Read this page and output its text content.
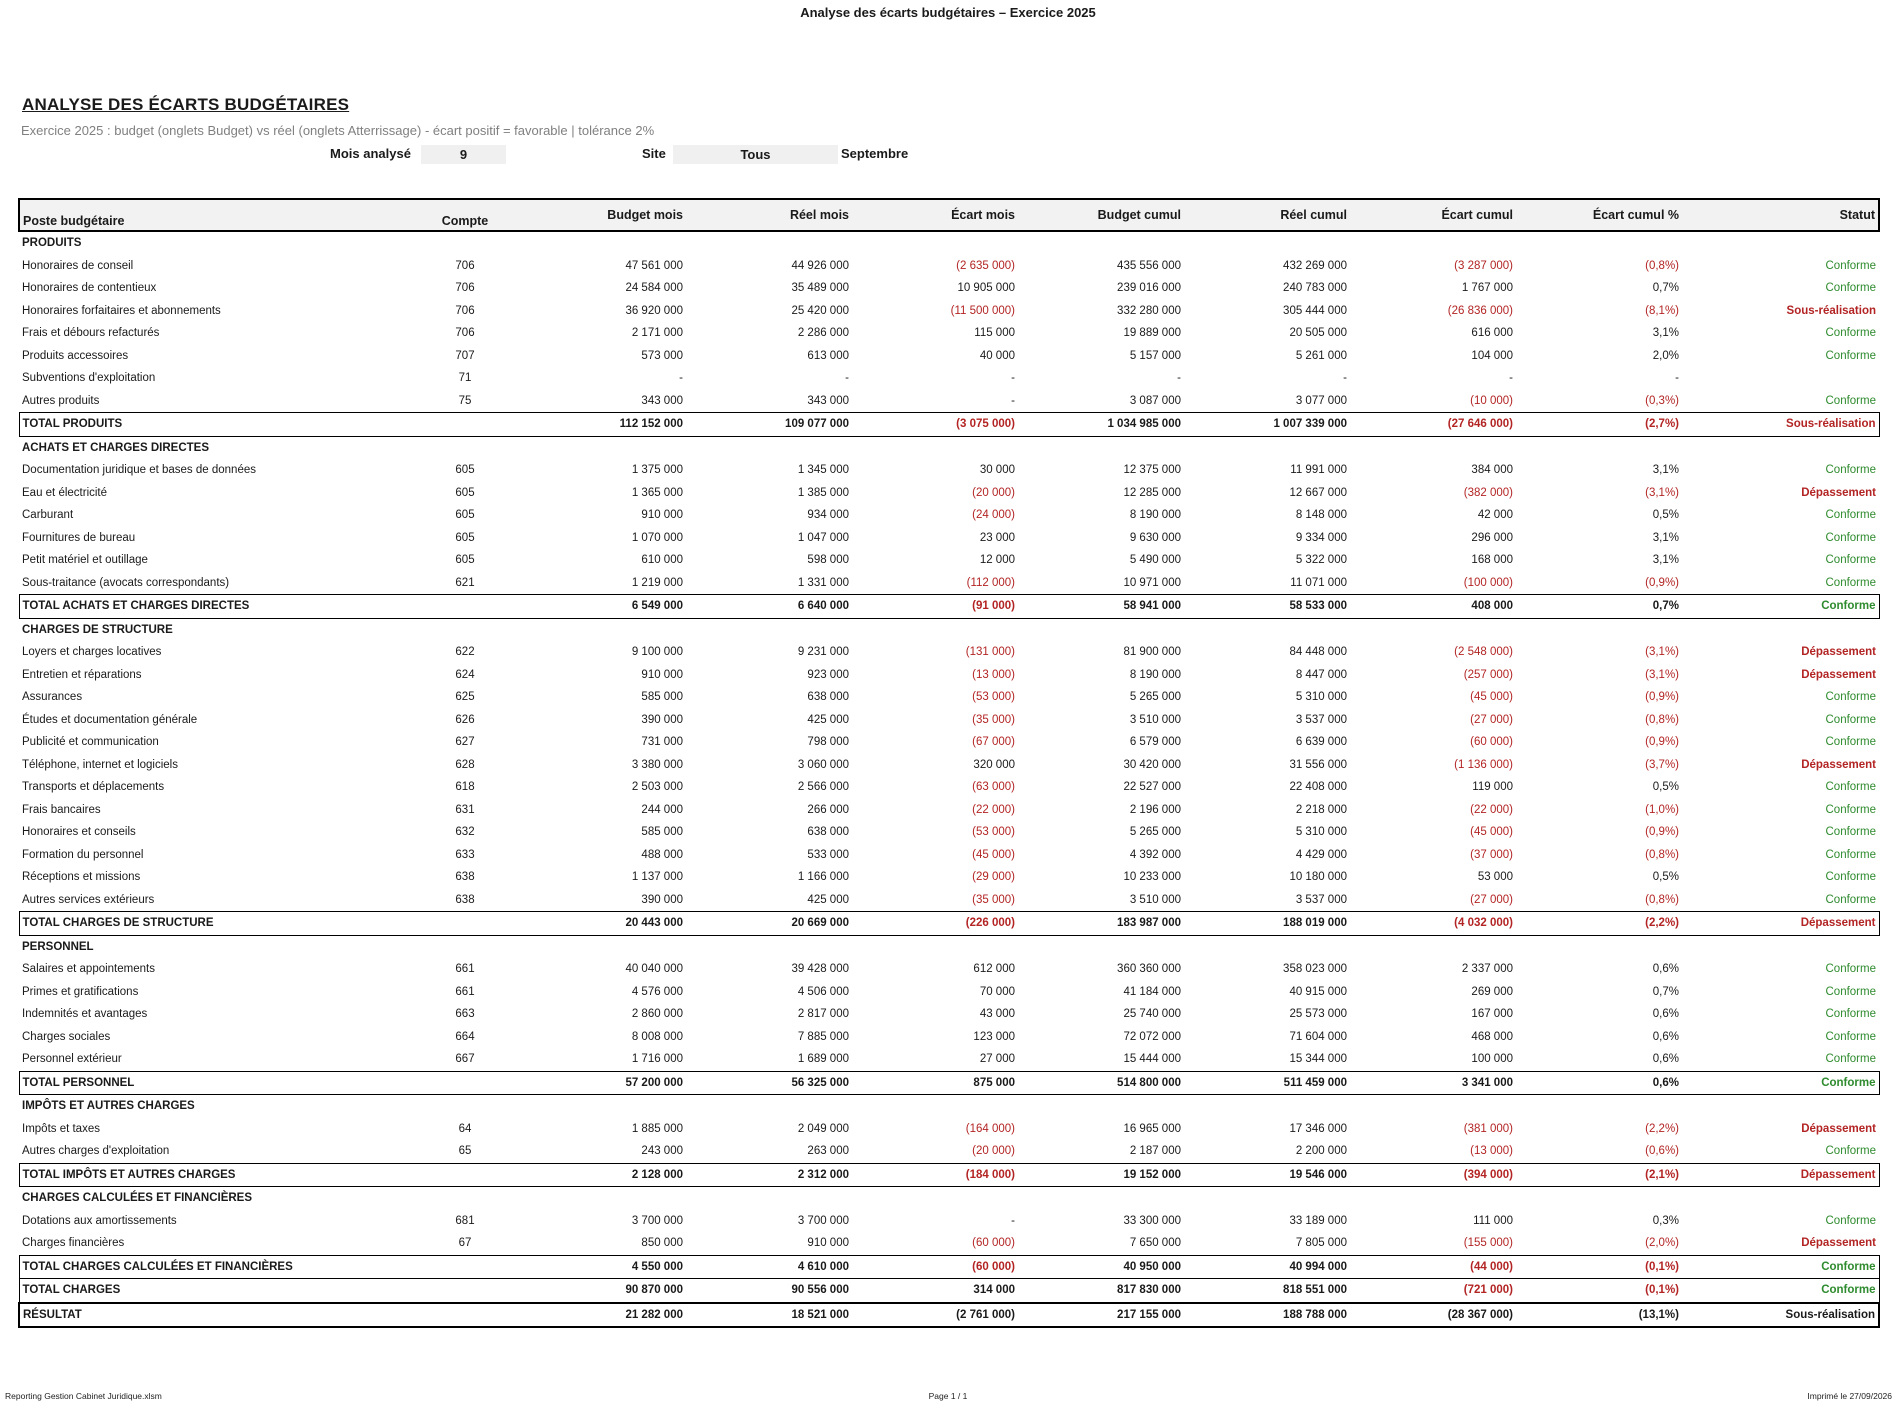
Analyse des écarts budgétaires – Exercice 2025
ANALYSE DES ÉCARTS BUDGÉTAIRES
Exercice 2025 : budget (onglets Budget) vs réel (onglets Atterrissage) - écart positif = favorable | tolérance 2%
Mois analysé	9	Site	Tous	Septembre
Poste budgétaire	Compte	Budget mois	Réel mois	Écart mois	Budget cumul	Réel cumul	Écart cumul	Écart cumul %	Statut
PRODUITS									
Honoraires de conseil	706	47 561 000	44 926 000	(2 635 000)	435 556 000	432 269 000	(3 287 000)	(0,8%)	Conforme
Honoraires de contentieux	706	24 584 000	35 489 000	10 905 000	239 016 000	240 783 000	1 767 000	0,7%	Conforme
Honoraires forfaitaires et abonnements	706	36 920 000	25 420 000	(11 500 000)	332 280 000	305 444 000	(26 836 000)	(8,1%)	Sous-réalisation
Frais et débours refacturés	706	2 171 000	2 286 000	115 000	19 889 000	20 505 000	616 000	3,1%	Conforme
Produits accessoires	707	573 000	613 000	40 000	5 157 000	5 261 000	104 000	2,0%	Conforme
Subventions d'exploitation	71	-	-	-	-	-	-	-	
Autres produits	75	343 000	343 000	-	3 087 000	3 077 000	(10 000)	(0,3%)	Conforme
TOTAL PRODUITS		112 152 000	109 077 000	(3 075 000)	1 034 985 000	1 007 339 000	(27 646 000)	(2,7%)	Sous-réalisation
ACHATS ET CHARGES DIRECTES									
Documentation juridique et bases de données	605	1 375 000	1 345 000	30 000	12 375 000	11 991 000	384 000	3,1%	Conforme
Eau et électricité	605	1 365 000	1 385 000	(20 000)	12 285 000	12 667 000	(382 000)	(3,1%)	Dépassement
Carburant	605	910 000	934 000	(24 000)	8 190 000	8 148 000	42 000	0,5%	Conforme
Fournitures de bureau	605	1 070 000	1 047 000	23 000	9 630 000	9 334 000	296 000	3,1%	Conforme
Petit matériel et outillage	605	610 000	598 000	12 000	5 490 000	5 322 000	168 000	3,1%	Conforme
Sous-traitance (avocats correspondants)	621	1 219 000	1 331 000	(112 000)	10 971 000	11 071 000	(100 000)	(0,9%)	Conforme
TOTAL ACHATS ET CHARGES DIRECTES		6 549 000	6 640 000	(91 000)	58 941 000	58 533 000	408 000	0,7%	Conforme
CHARGES DE STRUCTURE									
Loyers et charges locatives	622	9 100 000	9 231 000	(131 000)	81 900 000	84 448 000	(2 548 000)	(3,1%)	Dépassement
Entretien et réparations	624	910 000	923 000	(13 000)	8 190 000	8 447 000	(257 000)	(3,1%)	Dépassement
Assurances	625	585 000	638 000	(53 000)	5 265 000	5 310 000	(45 000)	(0,9%)	Conforme
Études et documentation générale	626	390 000	425 000	(35 000)	3 510 000	3 537 000	(27 000)	(0,8%)	Conforme
Publicité et communication	627	731 000	798 000	(67 000)	6 579 000	6 639 000	(60 000)	(0,9%)	Conforme
Téléphone, internet et logiciels	628	3 380 000	3 060 000	320 000	30 420 000	31 556 000	(1 136 000)	(3,7%)	Dépassement
Transports et déplacements	618	2 503 000	2 566 000	(63 000)	22 527 000	22 408 000	119 000	0,5%	Conforme
Frais bancaires	631	244 000	266 000	(22 000)	2 196 000	2 218 000	(22 000)	(1,0%)	Conforme
Honoraires et conseils	632	585 000	638 000	(53 000)	5 265 000	5 310 000	(45 000)	(0,9%)	Conforme
Formation du personnel	633	488 000	533 000	(45 000)	4 392 000	4 429 000	(37 000)	(0,8%)	Conforme
Réceptions et missions	638	1 137 000	1 166 000	(29 000)	10 233 000	10 180 000	53 000	0,5%	Conforme
Autres services extérieurs	638	390 000	425 000	(35 000)	3 510 000	3 537 000	(27 000)	(0,8%)	Conforme
TOTAL CHARGES DE STRUCTURE		20 443 000	20 669 000	(226 000)	183 987 000	188 019 000	(4 032 000)	(2,2%)	Dépassement
PERSONNEL									
Salaires et appointements	661	40 040 000	39 428 000	612 000	360 360 000	358 023 000	2 337 000	0,6%	Conforme
Primes et gratifications	661	4 576 000	4 506 000	70 000	41 184 000	40 915 000	269 000	0,7%	Conforme
Indemnités et avantages	663	2 860 000	2 817 000	43 000	25 740 000	25 573 000	167 000	0,6%	Conforme
Charges sociales	664	8 008 000	7 885 000	123 000	72 072 000	71 604 000	468 000	0,6%	Conforme
Personnel extérieur	667	1 716 000	1 689 000	27 000	15 444 000	15 344 000	100 000	0,6%	Conforme
TOTAL PERSONNEL		57 200 000	56 325 000	875 000	514 800 000	511 459 000	3 341 000	0,6%	Conforme
IMPÔTS ET AUTRES CHARGES									
Impôts et taxes	64	1 885 000	2 049 000	(164 000)	16 965 000	17 346 000	(381 000)	(2,2%)	Dépassement
Autres charges d'exploitation	65	243 000	263 000	(20 000)	2 187 000	2 200 000	(13 000)	(0,6%)	Conforme
TOTAL IMPÔTS ET AUTRES CHARGES		2 128 000	2 312 000	(184 000)	19 152 000	19 546 000	(394 000)	(2,1%)	Dépassement
CHARGES CALCULÉES ET FINANCIÈRES									
Dotations aux amortissements	681	3 700 000	3 700 000	-	33 300 000	33 189 000	111 000	0,3%	Conforme
Charges financières	67	850 000	910 000	(60 000)	7 650 000	7 805 000	(155 000)	(2,0%)	Dépassement
TOTAL CHARGES CALCULÉES ET FINANCIÈRES		4 550 000	4 610 000	(60 000)	40 950 000	40 994 000	(44 000)	(0,1%)	Conforme
TOTAL CHARGES		90 870 000	90 556 000	314 000	817 830 000	818 551 000	(721 000)	(0,1%)	Conforme
RÉSULTAT		21 282 000	18 521 000	(2 761 000)	217 155 000	188 788 000	(28 367 000)	(13,1%)	Sous-réalisation
Reporting Gestion Cabinet Juridique.xlsm	Page 1 / 1	Imprimé le 27/09/2026
